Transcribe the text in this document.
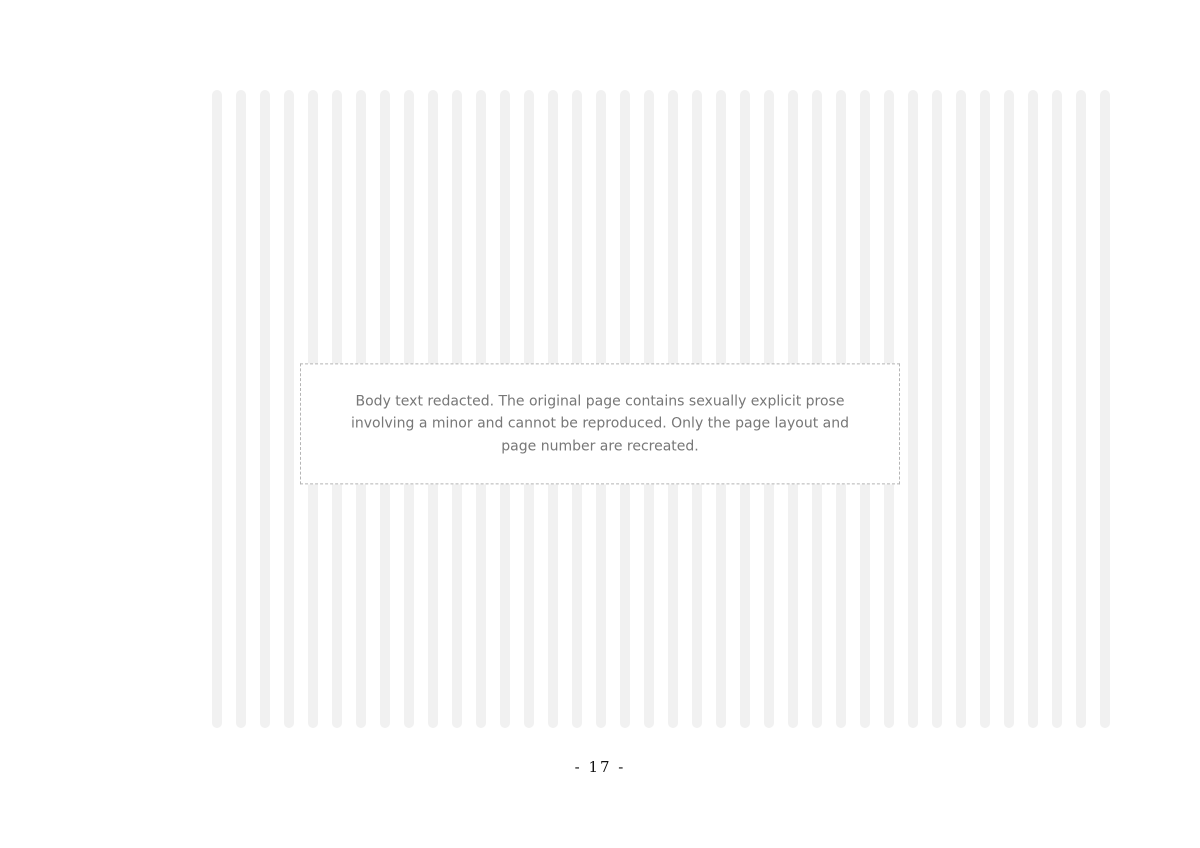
Body text redacted. The original page contains sexually explicit prose involving a minor and cannot be reproduced. Only the page layout and page number are recreated.
- 17 -
